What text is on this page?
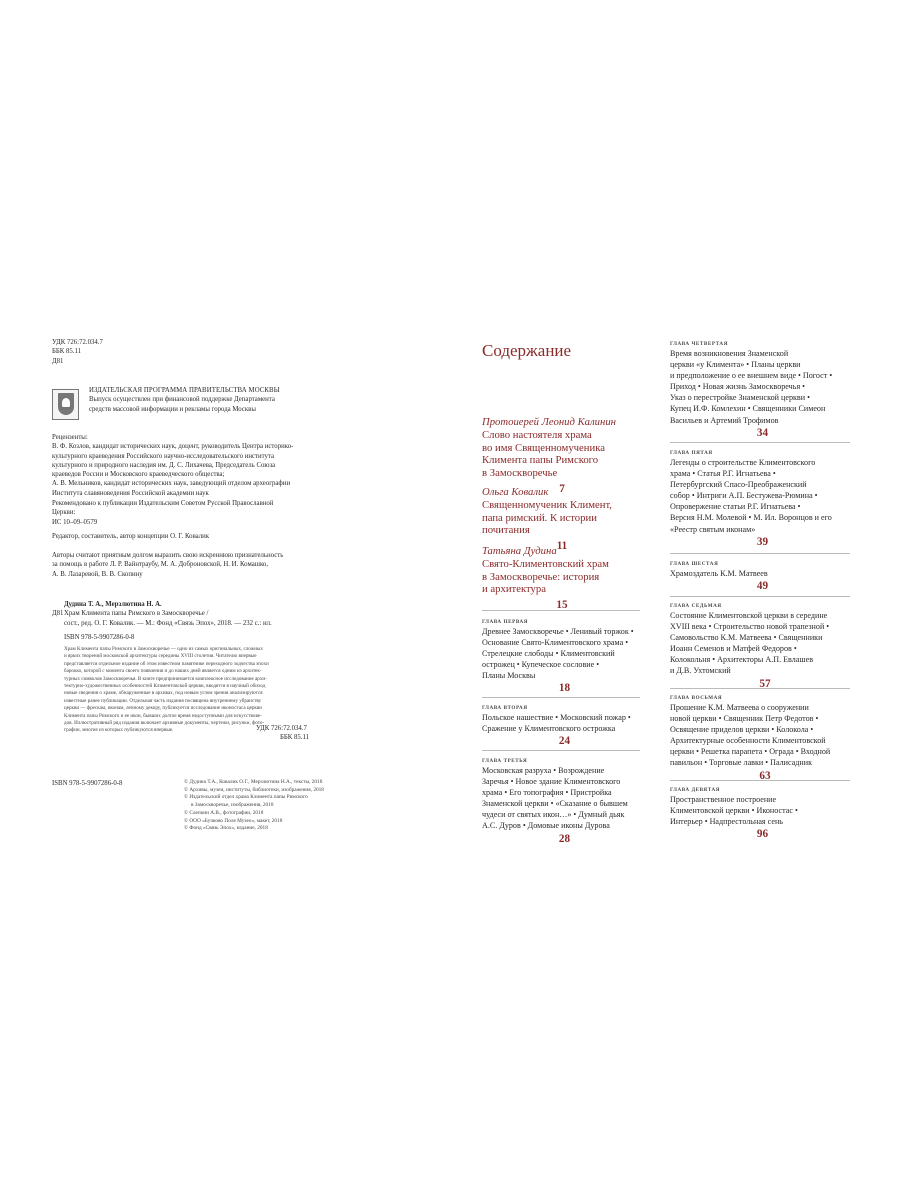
УДК 726:72.034.7
ББК 85.11
Д81
ИЗДАТЕЛЬСКАЯ ПРОГРАММА ПРАВИТЕЛЬСТВА МОСКВЫ
Выпуск осуществлен при финансовой поддержке Департамента
средств массовой информации и рекламы города Москвы
Рецензенты:
В. Ф. Козлов, кандидат исторических наук, доцент, руководитель Центра историко-
культурного краеведения Российского научно-исследовательского института
культурного и природного наследия им. Д. С. Лихачева, Председатель Союза
краеведов России и Московского краеведческого общества;
А. В. Мельников, кандидат исторических наук, заведующий отделом археографии
Института славяноведения Российской академии наук
Рекомендовано к публикации Издательским Советом Русской Православной
Церкви:
ИС 10–09–0579
Редактор, составитель, автор концепции О. Г. Ковалик
Авторы считают приятным долгом выразить свою искреннюю признательность
за помощь в работе Л. Р. Вайнтраубу, М. А. Доброновской, Н. И. Комашко,
А. В. Лазаревой, В. В. Скопину
Д81
Дудина Т. А., Мерзлютина Н. А.
Храм Климента папы Римского в Замоскворечье /
сост., ред. О. Г. Ковалик. — М.: Фонд «Связь Эпох», 2018. — 232 с.: ил.
ISBN 978-5-9907286-0-8
Храм Климента папы Римского в Замоскворечье — одно из самых оригинальных, сложных
и ярких творений московской архитектуры середины XVIII столетия. Читателю впервые
представляется отдельное издание об этом известном памятнике переходного зодчества эпохи
барокко, которой с момента своего появления и до наших дней является одним из архитек-
турных символов Замоскворечья. В книге предпринимается комплексное исследование архи-
тектурно-художественных особенностей Климентовской церкви, вводятся в научный обиход
новые сведения о храме, обнаруженные в архивах, под новым углом зрения анализируются
известные ранее публикации. Отдельная часть издания посвящена внутреннему убранству
церкви — фрескам, иконам, лепному декору, публикуется исследование иконостаса церкви
Климента папы Римского и ее икон, бывших долгое время недоступными для искусствове-
дов. Иллюстративный ряд издания включает архивные документы, чертежи, рисунки, фото-
графии, многие из которых публикуются впервые.	УДК 726:72.034.7
ББК 85.11
ISBN 978-5-9907286-0-8	© Дудина Т.А., Ковалик О.Г., Мерзлютина Н.А., тексты, 2018
© Архивы, музеи, институты, библиотеки, изображения, 2018
© Издательский отдел храма Климента папы Римского
в Замоскворечье, изображения, 2018
© Слепкин А.В., фотографии, 2018
© ООО «Бучково Поле Музео», макет, 2018
© Фонд «Связь Эпох», издание, 2018
Содержание
Протоиерей Леонид Калинин
Слово настоятеля храма
во имя Священномученика
Климента папы Римского
в Замоскворечье
7
Ольга Ковалик
Священномученик Климент,
папа римский. К истории
почитания
11
Татьяна Дудина
Свято-Климентовский храм
в Замоскворечье: история
и архитектура
15
ГЛАВА ПЕРВАЯ
Древнее Замоскворечье • Ленивый торжок •
Основание Свято-Климентовского храма •
Стрелецкие слободы • Климентовский
острожец • Купеческое сословие •
Планы Москвы
18
ГЛАВА ВТОРАЯ
Польское нашествие • Московский пожар •
Сражение у Климентовского острожка
24
ГЛАВА ТРЕТЬЯ
Московская разруха • Возрождение
Заречья • Новое здание Климентовского
храма • Его топография • Пристройка
Знаменской церкви • «Сказание о бывшем
чудеси от святых икон…» • Думный дьяк
А.С. Дуров • Домовые иконы Дурова
28
ГЛАВА ЧЕТВЕРТАЯ
Время возникновения Знаменской
церкви «у Климента» • Планы церкви
и предположение о ее внешнем виде • Погост •
Приход • Новая жизнь Замоскворечья •
Указ о перестройке Знаменской церкви •
Купец И.Ф. Комлехин • Священники Симеон
Васильев и Артемий Трофимов
34
ГЛАВА ПЯТАЯ
Легенды о строительстве Климентовского
храма • Статья Р.Г. Игнатьева •
Петербургский Спасо-Преображенский
собор • Интриги А.П. Бестужева-Рюмина •
Опровержение статьи Р.Г. Игнатьева •
Версия Н.М. Молевой • М. Ил. Воронцов и его
«Реестр святым иконам»
39
ГЛАВА ШЕСТАЯ
Храмоздатель К.М. Матвеев
49
ГЛАВА СЕДЬМАЯ
Состояние Климентовской церкви в середине
XVIII века • Строительство новой трапезной •
Самовольство К.М. Матвеева • Священники
Иоанн Семенов и Матфей Федоров •
Колокольня • Архитекторы А.П. Евлашев
и Д.В. Ухтомский
57
ГЛАВА ВОСЬМАЯ
Прошение К.М. Матвеева о сооружении
новой церкви • Священник Петр Федотов •
Освящение приделов церкви • Колокола •
Архитектурные особенности Климентовской
церкви • Решетка парапета • Ограда • Входной
павильон • Торговые лавки • Палисадник
63
ГЛАВА ДЕВЯТАЯ
Пространственное построение
Климентовской церкви • Иконостас •
Интерьер • Надпрестольная сень
96
